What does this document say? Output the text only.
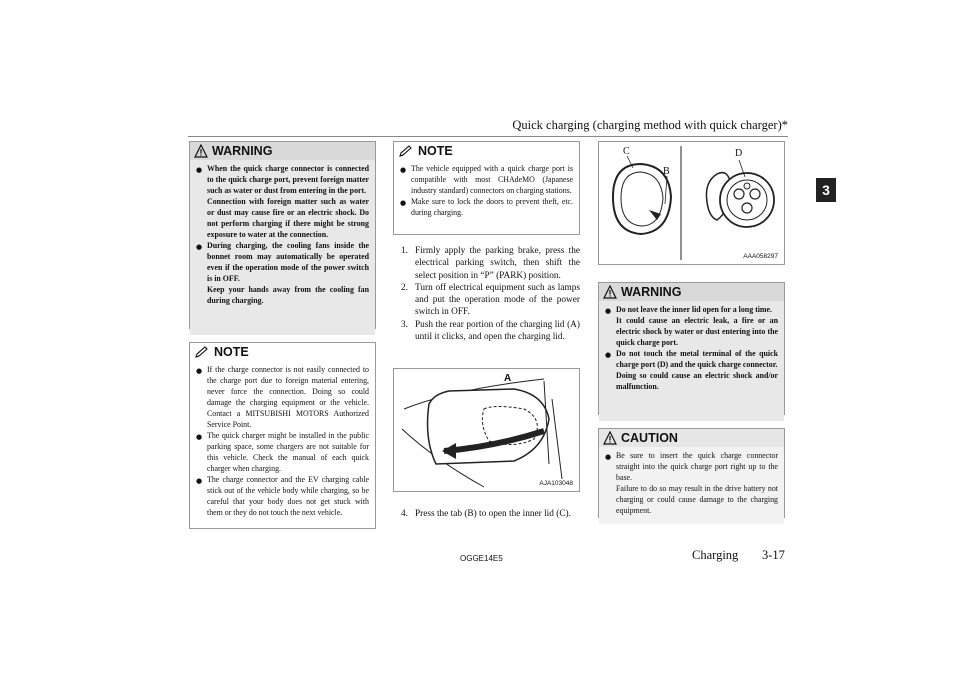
Quick charging (charging method with quick charger)*
3
WARNING
● When the quick charge connector is connected to the quick charge port, prevent foreign matter such as water or dust from entering in the port.
Connection with foreign matter such as water or dust may cause fire or an electric shock. Do not perform charging if there might be strong exposure to water at the connection.
● During charging, the cooling fans inside the bonnet room may automatically be operated even if the operation mode of the power switch is in OFF.
Keep your hands away from the cooling fan during charging.
NOTE
● If the charge connector is not easily connected to the charge port due to foreign material entering, never force the connection. Doing so could damage the charging equipment or the vehicle. Contact a MITSUBISHI MOTORS Authorized Service Point.
● The quick charger might be installed in the public parking space, some chargers are not suitable for this vehicle. Check the manual of each quick charger when charging.
● The charge connector and the EV charging cable stick out of the vehicle body while charging, so be careful that your body does not get stuck with them or they do not touch the next vehicle.
NOTE
● The vehicle equipped with a quick charge port is compatible with most CHAdeMO (Japanese industry standard) connectors on charging stations.
● Make sure to lock the doors to prevent theft, etc. during charging.
1. Firmly apply the parking brake, press the electrical parking switch, then shift the select position in “P” (PARK) position.
2. Turn off electrical equipment such as lamps and put the operation mode of the power switch in OFF.
3. Push the rear portion of the charging lid (A) until it clicks, and open the charging lid.
A
AJA103048
4. Press the tab (B) to open the inner lid (C).
C
B
D
AAA058297
WARNING
● Do not leave the inner lid open for a long time.
It could cause an electric leak, a fire or an electric shock by water or dust entering into the quick charge port.
● Do not touch the metal terminal of the quick charge port (D) and the quick charge connector.
Doing so could cause an electric shock and/or malfunction.
CAUTION
● Be sure to insert the quick charge connector straight into the quick charge port right up to the base.
Failure to do so may result in the drive battery not charging or could cause damage to the charging equipment.
OGGE14E5	Charging 3-17
